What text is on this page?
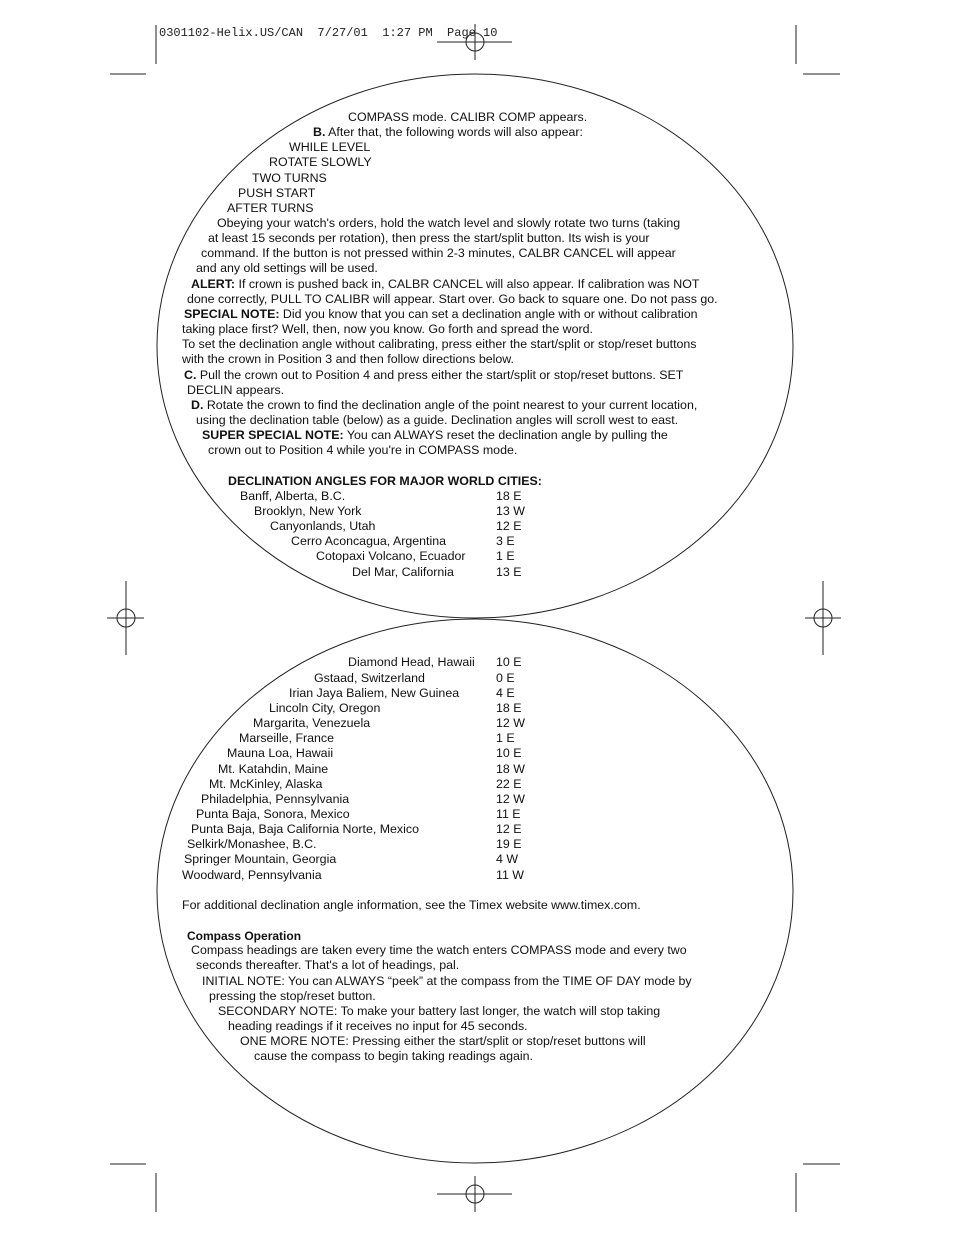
0301102-Helix.US/CAN  7/27/01  1:27 PM  Page 10
COMPASS mode. CALIBR COMP appears.
B. After that, the following words will also appear:
WHILE LEVEL
ROTATE SLOWLY
TWO TURNS
PUSH START
AFTER TURNS
Obeying your watch's orders, hold the watch level and slowly rotate two turns (taking
at least 15 seconds per rotation), then press the start/split button. Its wish is your
command. If the button is not pressed within 2-3 minutes, CALBR CANCEL will appear
and any old settings will be used.
ALERT: If crown is pushed back in, CALBR CANCEL will also appear. If calibration was NOT
done correctly, PULL TO CALIBR will appear. Start over. Go back to square one. Do not pass go.
SPECIAL NOTE: Did you know that you can set a declination angle with or without calibration
taking place first? Well, then, now you know. Go forth and spread the word.
To set the declination angle without calibrating, press either the start/split or stop/reset buttons
with the crown in Position 3 and then follow directions below.
C. Pull the crown out to Position 4 and press either the start/split or stop/reset buttons. SET
DECLIN appears.
D. Rotate the crown to find the declination angle of the point nearest to your current location,
using the declination table (below) as a guide. Declination angles will scroll west to east.
SUPER SPECIAL NOTE: You can ALWAYS reset the declination angle by pulling the
crown out to Position 4 while you're in COMPASS mode.
DECLINATION ANGLES FOR MAJOR WORLD CITIES:
Banff, Alberta, B.C.	18 E
Brooklyn, New York	13 W
Canyonlands, Utah	12 E
Cerro Aconcagua, Argentina	3 E
Cotopaxi Volcano, Ecuador 1 E
Del Mar, California	13 E
Diamond Head, Hawaii 10 E
Gstaad, Switzerland	0 E
Irian Jaya Baliem, New Guinea	4 E
Lincoln City, Oregon	18 E
Margarita, Venezuela	12 W
Marseille, France	1 E
Mauna Loa, Hawaii	10 E
Mt. Katahdin, Maine	18 W
Mt. McKinley, Alaska	22 E
Philadelphia, Pennsylvania	12 W
Punta Baja, Sonora, Mexico	11 E
Punta Baja, Baja California Norte, Mexico	12 E
Selkirk/Monashee, B.C.	19 E
Springer Mountain, Georgia	4 W
Woodward, Pennsylvania	11 W
For additional declination angle information, see the Timex website www.timex.com.
Compass Operation
Compass headings are taken every time the watch enters COMPASS mode and every two
seconds thereafter. That's a lot of headings, pal.
INITIAL NOTE: You can ALWAYS “peek” at the compass from the TIME OF DAY mode by
pressing the stop/reset button.
SECONDARY NOTE: To make your battery last longer, the watch will stop taking
heading readings if it receives no input for 45 seconds.
ONE MORE NOTE: Pressing either the start/split or stop/reset buttons will
cause the compass to begin taking readings again.
